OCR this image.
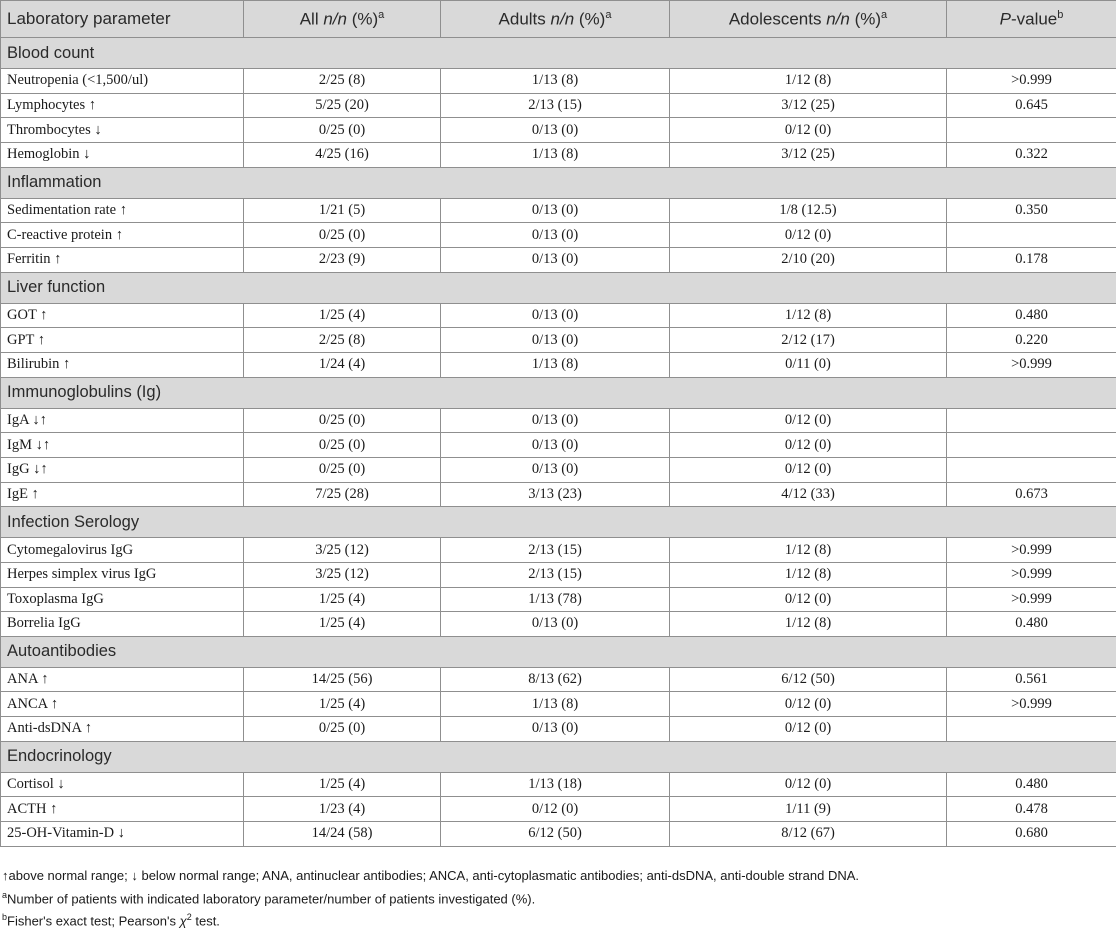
Laboratory parameter	All n/n (%)$^a$	Adults n/n (%)$^a$	Adolescents n/n (%)$^a$	P-value$^b$
Blood count				
Neutropenia (<1,500/ul)	2/25 (8)	1/13 (8)	1/12 (8)	>0.999
Lymphocytes ↑	5/25 (20)	2/13 (15)	3/12 (25)	0.645
Thrombocytes ↓	0/25 (0)	0/13 (0)	0/12 (0)	
Hemoglobin ↓	4/25 (16)	1/13 (8)	3/12 (25)	0.322
Inflammation				
Sedimentation rate ↑	1/21 (5)	0/13 (0)	1/8 (12.5)	0.350
C-reactive protein ↑	0/25 (0)	0/13 (0)	0/12 (0)	
Ferritin ↑	2/23 (9)	0/13 (0)	2/10 (20)	0.178
Liver function				
GOT ↑	1/25 (4)	0/13 (0)	1/12 (8)	0.480
GPT ↑	2/25 (8)	0/13 (0)	2/12 (17)	0.220
Bilirubin ↑	1/24 (4)	1/13 (8)	0/11 (0)	>0.999
Immunoglobulins (Ig)				
IgA ↓↑	0/25 (0)	0/13 (0)	0/12 (0)	
IgM ↓↑	0/25 (0)	0/13 (0)	0/12 (0)	
IgG ↓↑	0/25 (0)	0/13 (0)	0/12 (0)	
IgE ↑	7/25 (28)	3/13 (23)	4/12 (33)	0.673
Infection Serology				
Cytomegalovirus IgG	3/25 (12)	2/13 (15)	1/12 (8)	>0.999
Herpes simplex virus IgG	3/25 (12)	2/13 (15)	1/12 (8)	>0.999
Toxoplasma IgG	1/25 (4)	1/13 (78)	0/12 (0)	>0.999
Borrelia IgG	1/25 (4)	0/13 (0)	1/12 (8)	0.480
Autoantibodies				
ANA ↑	14/25 (56)	8/13 (62)	6/12 (50)	0.561
ANCA ↑	1/25 (4)	1/13 (8)	0/12 (0)	>0.999
Anti-dsDNA ↑	0/25 (0)	0/13 (0)	0/12 (0)	
Endocrinology				
Cortisol ↓	1/25 (4)	1/13 (18)	0/12 (0)	0.480
ACTH ↑	1/23 (4)	0/12 (0)	1/11 (9)	0.478
25-OH-Vitamin-D ↓	14/24 (58)	6/12 (50)	8/12 (67)	0.680

↑above normal range; ↓ below normal range; ANA, antinuclear antibodies; ANCA, anti-cytoplasmatic antibodies; anti-dsDNA, anti-double strand DNA.

$^a$Number of patients with indicated laboratory parameter/number of patients investigated (%).

$^b$Fisher's exact test; Pearson's $\chi^2$ test.
